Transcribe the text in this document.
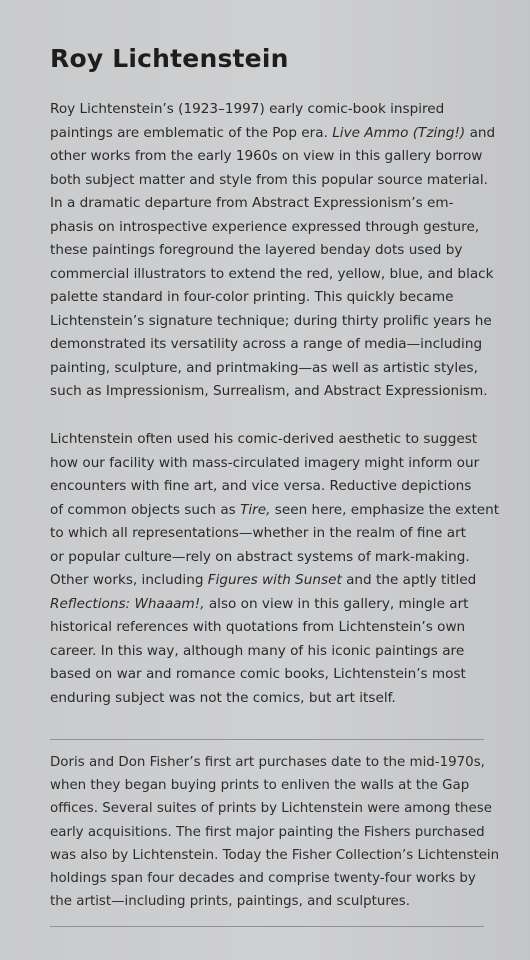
Roy Lichtenstein

Roy Lichtenstein’s (1923–1997) early comic-book inspired
paintings are emblematic of the Pop era. Live Ammo (Tzing!) and
other works from the early 1960s on view in this gallery borrow
both subject matter and style from this popular source material.
In a dramatic departure from Abstract Expressionism’s em-
phasis on introspective experience expressed through gesture,
these paintings foreground the layered benday dots used by
commercial illustrators to extend the red, yellow, blue, and black
palette standard in four-color printing. This quickly became
Lichtenstein’s signature technique; during thirty prolific years he
demonstrated its versatility across a range of media—including
painting, sculpture, and printmaking—as well as artistic styles,
such as Impressionism, Surrealism, and Abstract Expressionism.

Lichtenstein often used his comic-derived aesthetic to suggest
how our facility with mass-circulated imagery might inform our
encounters with fine art, and vice versa. Reductive depictions
of common objects such as Tire, seen here, emphasize the extent
to which all representations—whether in the realm of fine art
or popular culture—rely on abstract systems of mark-making.
Other works, including Figures with Sunset and the aptly titled
Reflections: Whaaam!, also on view in this gallery, mingle art
historical references with quotations from Lichtenstein’s own
career. In this way, although many of his iconic paintings are
based on war and romance comic books, Lichtenstein’s most
enduring subject was not the comics, but art itself.

Doris and Don Fisher’s first art purchases date to the mid-1970s,
when they began buying prints to enliven the walls at the Gap
offices. Several suites of prints by Lichtenstein were among these
early acquisitions. The first major painting the Fishers purchased
was also by Lichtenstein. Today the Fisher Collection’s Lichtenstein
holdings span four decades and comprise twenty-four works by
the artist—including prints, paintings, and sculptures.
